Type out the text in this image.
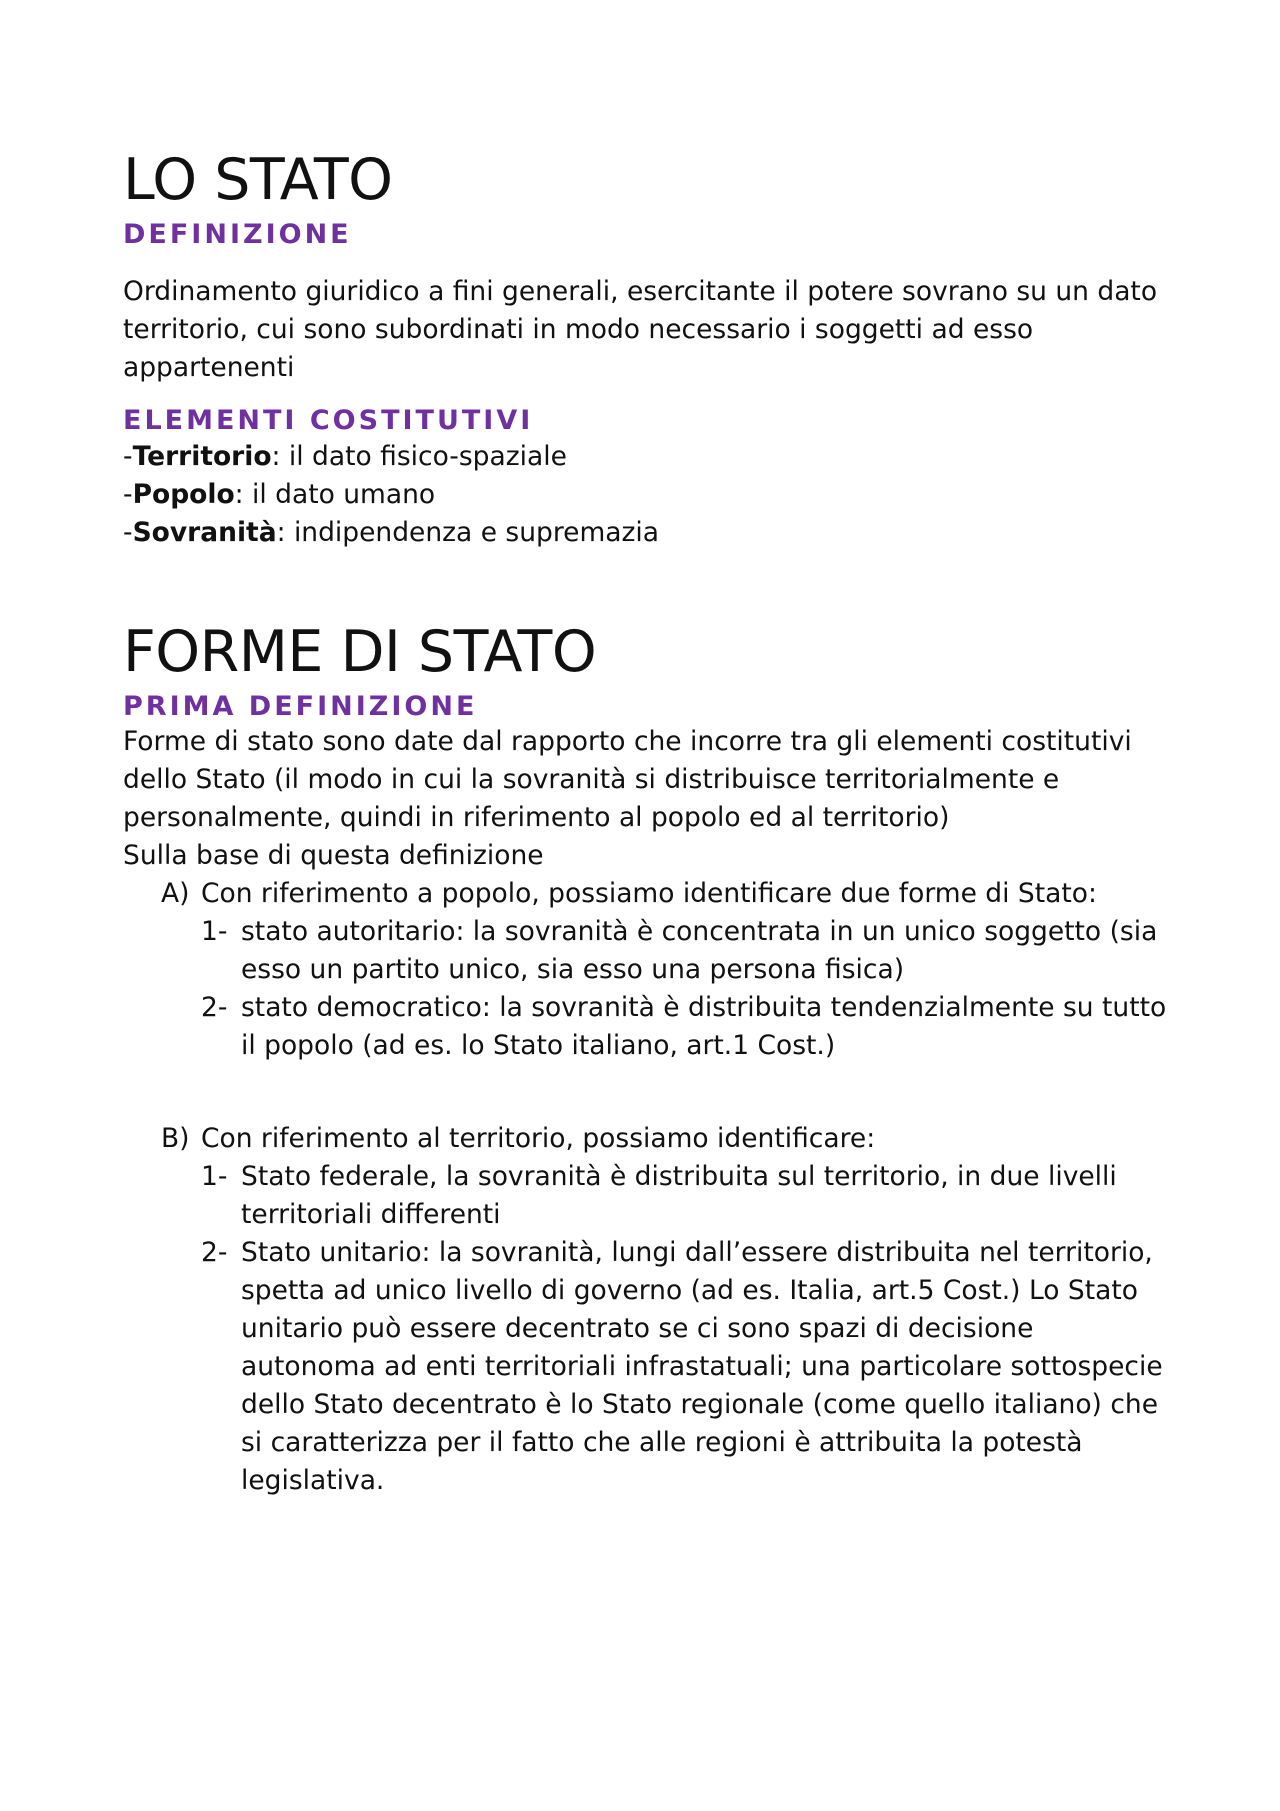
LO STATO
DEFINIZIONE

Ordinamento giuridico a fini generali, esercitante il potere sovrano su un dato territorio, cui sono subordinati in modo necessario i soggetti ad esso appartenenti

ELEMENTI COSTITUTIVI

-Territorio: il dato fisico-spaziale

-Popolo: il dato umano

-Sovranità: indipendenza e supremazia

FORME DI STATO
PRIMA DEFINIZIONE

Forme di stato sono date dal rapporto che incorre tra gli elementi costitutivi dello Stato (il modo in cui la sovranità si distribuisce territorialmente e personalmente, quindi in riferimento al popolo ed al territorio)

Sulla base di questa definizione

A) Con riferimento a popolo, possiamo identificare due forme di Stato:
1- stato autoritario: la sovranità è concentrata in un unico soggetto (sia esso un partito unico, sia esso una persona fisica)
2- stato democratico: la sovranità è distribuita tendenzialmente su tutto il popolo (ad es. lo Stato italiano, art.1 Cost.)
B) Con riferimento al territorio, possiamo identificare:
1- Stato federale, la sovranità è distribuita sul territorio, in due livelli territoriali differenti
2- Stato unitario: la sovranità, lungi dall’essere distribuita nel territorio, spetta ad unico livello di governo (ad es. Italia, art.5 Cost.) Lo Stato unitario può essere decentrato se ci sono spazi di decisione autonoma ad enti territoriali infrastatuali; una particolare sottospecie dello Stato decentrato è lo Stato regionale (come quello italiano) che si caratterizza per il fatto che alle regioni è attribuita la potestà legislativa.
